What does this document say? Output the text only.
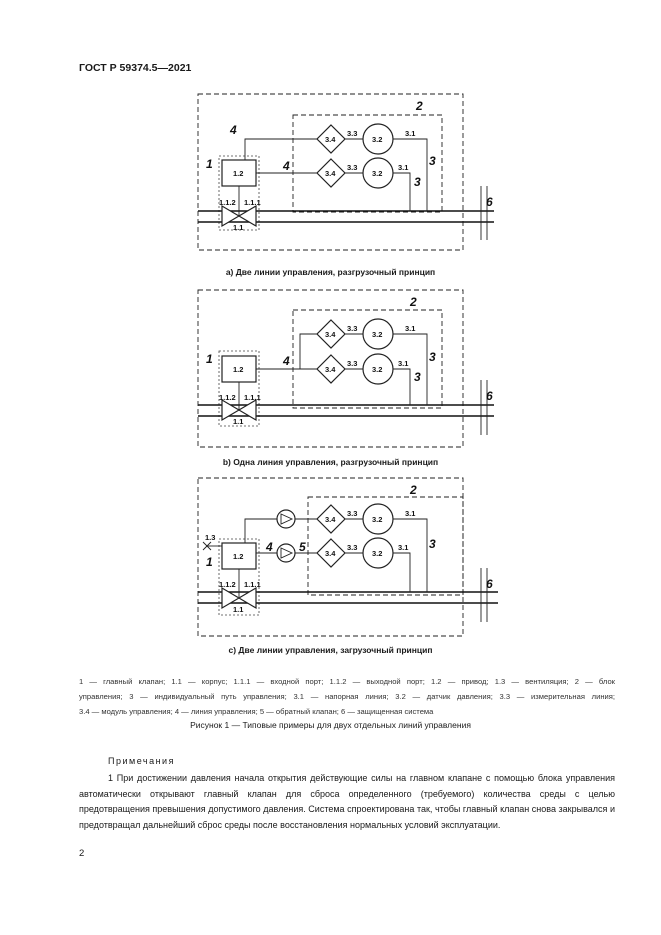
ГОСТ Р 59374.5—2021
1.2
1.1.2 1.1.1
1.1
3.4
3.4
3.3
3.3
3.2
3.2
3.1
3.1
1
2
3
3
4
4
6
1.2
1.1.2 1.1.1
1.1
3.4
3.4
3.3
3.3
3.2
3.2
3.1
3.1
1
2
3
3
4
6
1.3
1.2
1.1.2 1.1.1
1.1
3.4
3.4
3.3
3.3
3.2
3.2
3.1
3.1
1
2
3
4 5
6
а) Две линии управления, разгрузочный принцип
b) Одна линия управления, разгрузочный принцип
с) Две линии управления, загрузочный принцип
1 — главный клапан; 1.1 — корпус; 1.1.1 — входной порт; 1.1.2 — выходной порт; 1.2 — привод; 1.3 — вентиляция; 2 — блок
управления; 3 — индивидуальный путь управления; 3.1 — напорная линия; 3.2 — датчик давления; 3.3 — измерительная линия;
3.4 — модуль управления; 4 — линия управления; 5 — обратный клапан; 6 — защищенная система
Рисунок 1 — Типовые примеры для двух отдельных линий управления
Примечания
1 При достижении давления начала открытия действующие силы на главном клапане с помощью блока управления автоматически открывают главный клапан для сброса определенного (требуемого) количества среды с целью предотвращения превышения допустимого давления. Система спроектирована так, чтобы главный клапан снова закрывался и предотвращал дальнейший сброс среды после восстановления нормальных условий эксплуатации.
2
